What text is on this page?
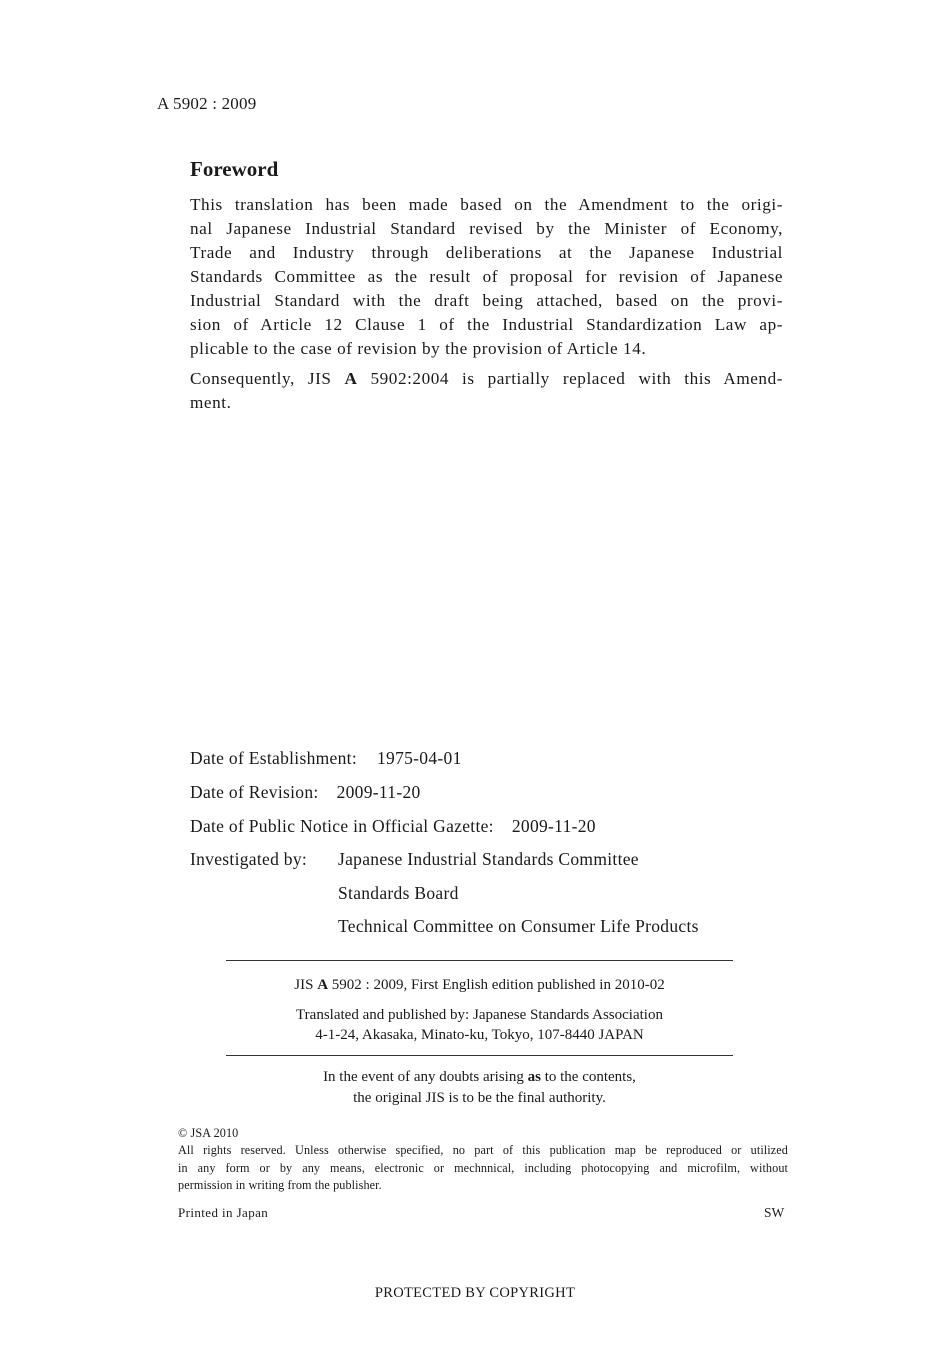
A 5902 : 2009
Foreword
This translation has been made based on the Amendment to the origi-
nal Japanese Industrial Standard revised by the Minister of Economy,
Trade and Industry through deliberations at the Japanese Industrial
Standards Committee as the result of proposal for revision of Japanese
Industrial Standard with the draft being attached, based on the provi-
sion of Article 12 Clause 1 of the Industrial Standardization Law ap-
plicable to the case of revision by the provision of Article 14.
Consequently, JIS A 5902:2004 is partially replaced with this Amend-
ment.
Date of Establishment: 1975-04-01
Date of Revision: 2009-11-20
Date of Public Notice in Official Gazette: 2009-11-20
Investigated by: Japanese Industrial Standards Committee
Standards Board
Technical Committee on Consumer Life Products
JIS A 5902 : 2009, First English edition published in 2010-02
Translated and published by: Japanese Standards Association
4-1-24, Akasaka, Minato-ku, Tokyo, 107-8440 JAPAN
In the event of any doubts arising as to the contents,
the original JIS is to be the final authority.
© JSA 2010
All rights reserved. Unless otherwise specified, no part of this publication map be reproduced or utilized
in any form or by any means, electronic or mechnnical, including photocopying and microfilm, without
permission in writing from the publisher.
Printed in Japan	SW
PROTECTED BY COPYRIGHT
